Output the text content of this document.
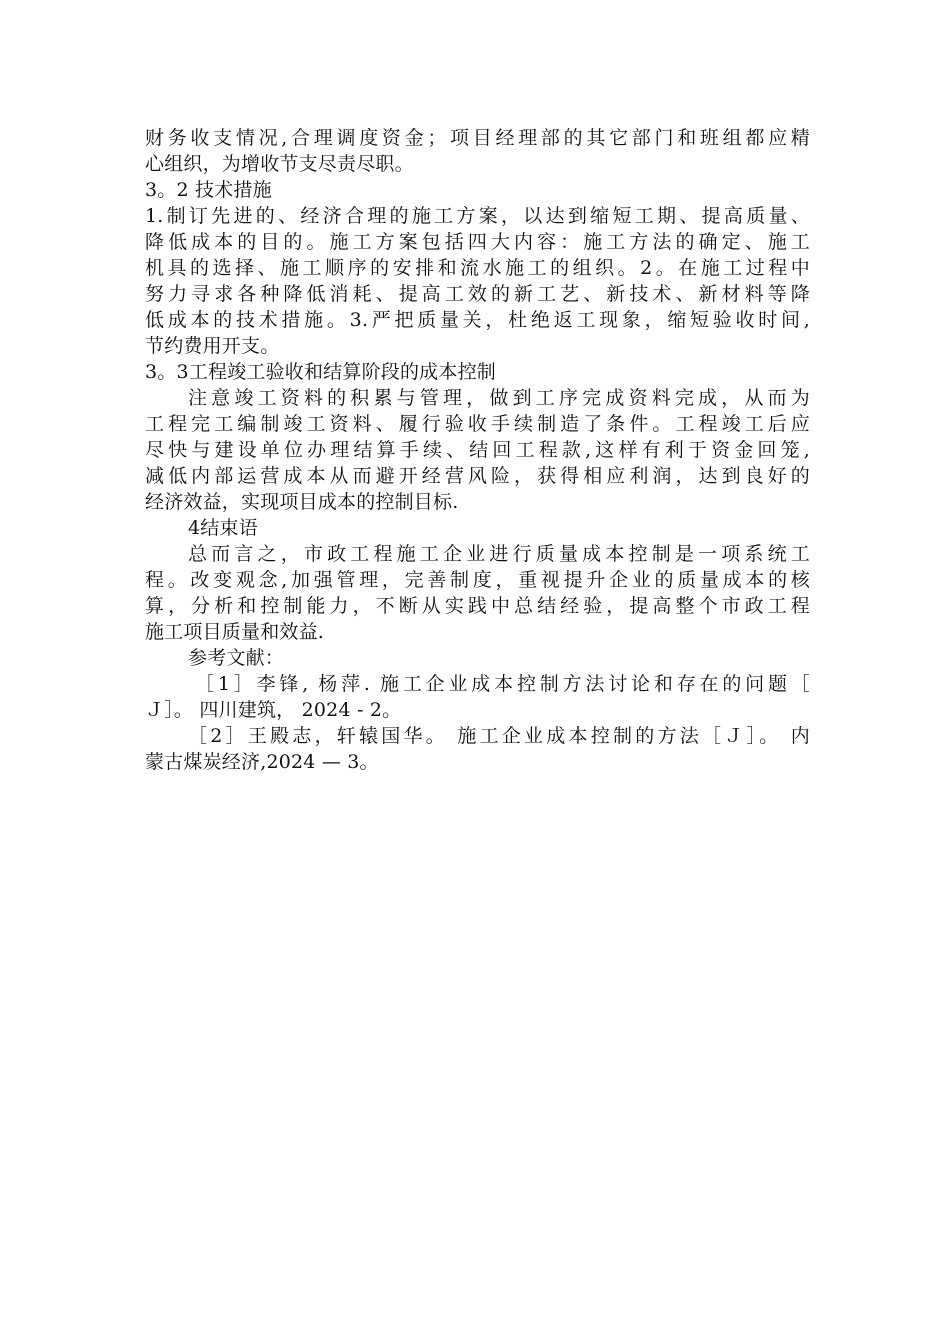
财务收支情况,合理调度资金；项目经理部的其它部门和班组都应精
心组织，为增收节支尽责尽职。
3。2 技术措施
1.制订先进的、经济合理的施工方案，以达到缩短工期、提高质量、
降低成本的目的。施工方案包括四大内容：施工方法的确定、施工
机具的选择、施工顺序的安排和流水施工的组织。2。在施工过程中
努力寻求各种降低消耗、提高工效的新工艺、新技术、新材料等降
低成本的技术措施。3.严把质量关，杜绝返工现象，缩短验收时间,
节约费用开支。
3。3工程竣工验收和结算阶段的成本控制
注意竣工资料的积累与管理，做到工序完成资料完成，从而为
工程完工编制竣工资料、履行验收手续制造了条件。工程竣工后应
尽快与建设单位办理结算手续、结回工程款,这样有利于资金回笼,
减低内部运营成本从而避开经营风险，获得相应利润，达到良好的
经济效益，实现项目成本的控制目标.
4结束语
总而言之，市政工程施工企业进行质量成本控制是一项系统工
程。改变观念,加强管理，完善制度，重视提升企业的质量成本的核
算，分析和控制能力，不断从实践中总结经验，提高整个市政工程
施工项目质量和效益.
参考文献：
［1］李锋, 杨萍. 施工企业成本控制方法讨论和存在的问题［
Ｊ］。 四川建筑， 2024 - 2。
［2］王殿志，轩辕国华。 施工企业成本控制的方法［Ｊ］。 内
蒙古煤炭经济,2024 — 3。
